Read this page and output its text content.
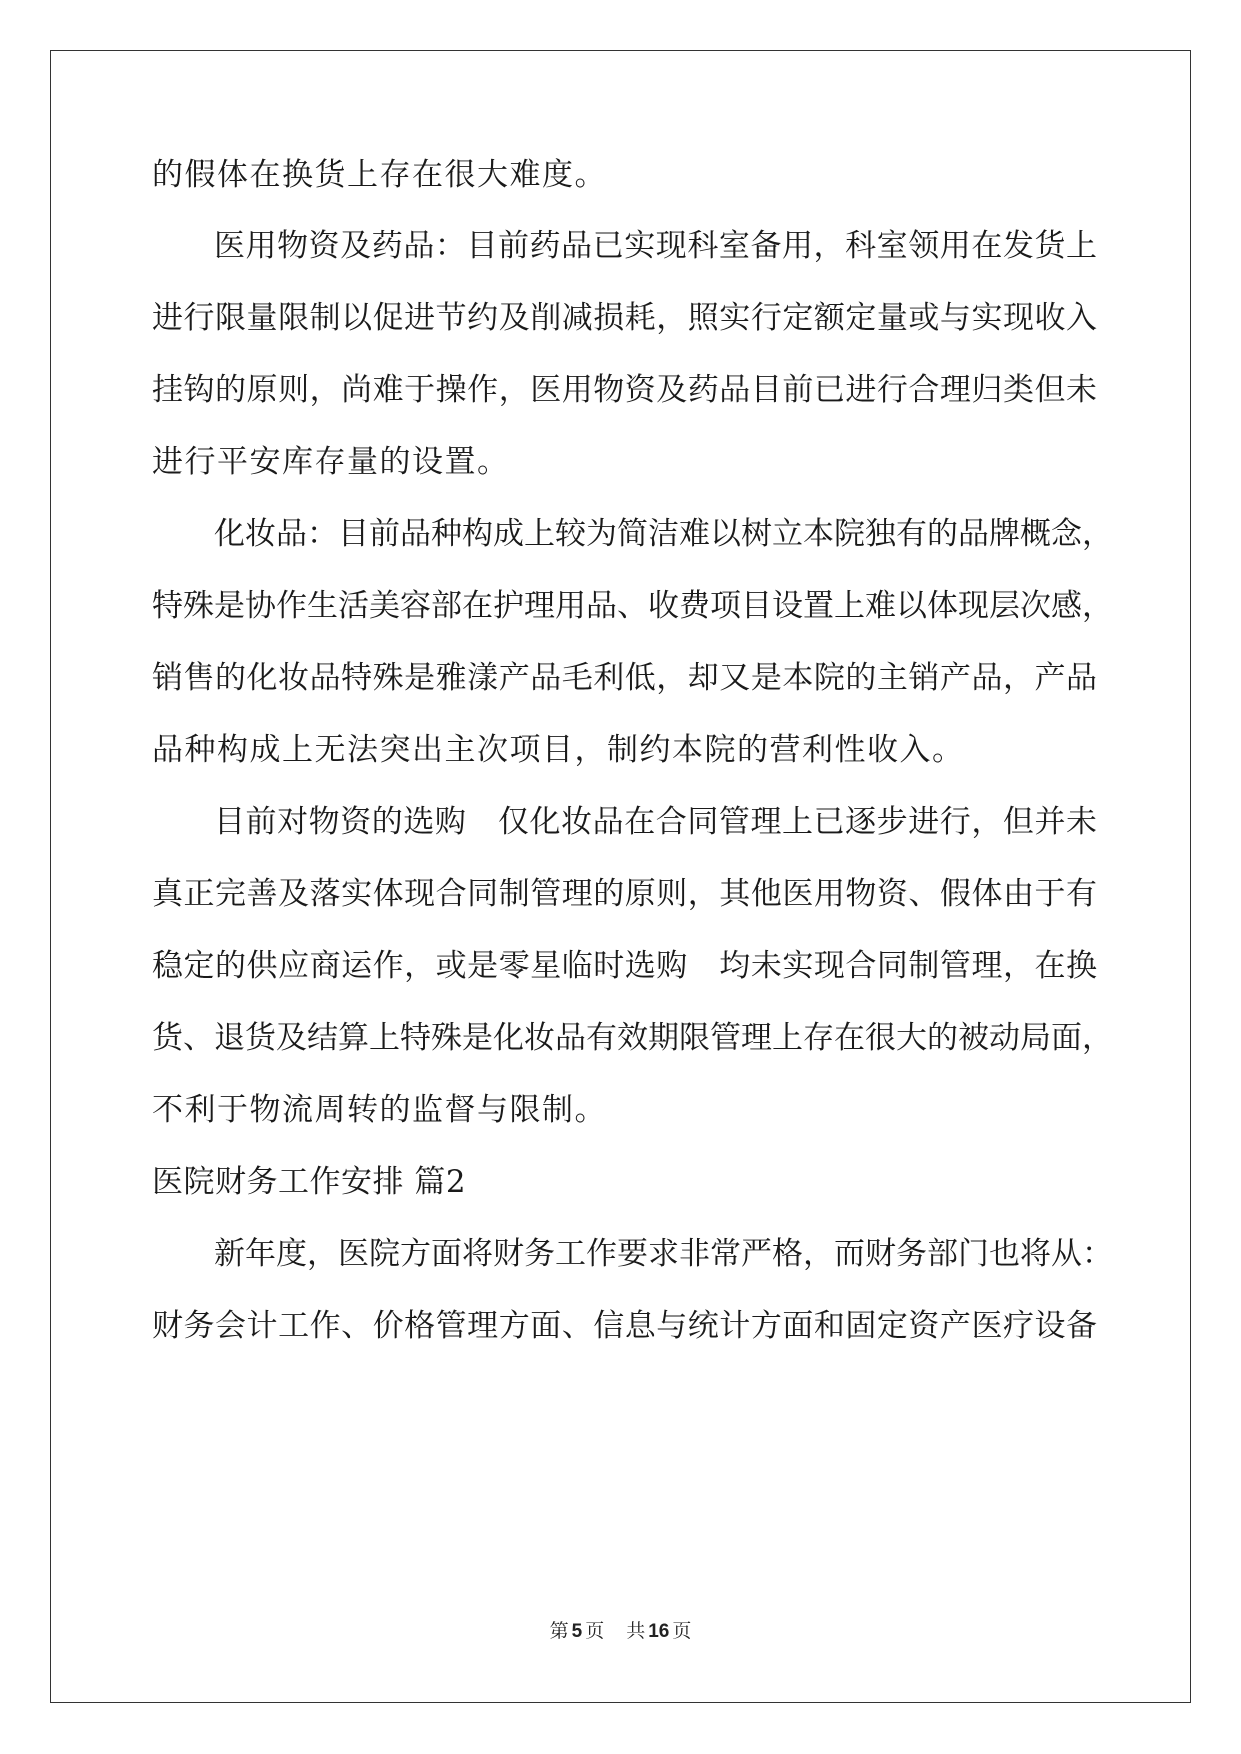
的假体在换货上存在很大难度。
医用物资及药品：目前药品已实现科室备用，科室领用在发货上
进行限量限制以促进节约及削减损耗，照实行定额定量或与实现收入
挂钩的原则，尚难于操作，医用物资及药品目前已进行合理归类但未
进行平安库存量的设置。
化妆品：目前品种构成上较为简洁难以树立本院独有的品牌概念，
特殊是协作生活美容部在护理用品、收费项目设置上难以体现层次感，
销售的化妆品特殊是雅漾产品毛利低，却又是本院的主销产品，产品
品种构成上无法突出主次项目，制约本院的营利性收入。
目前对物资的选购　仅化妆品在合同管理上已逐步进行，但并未
真正完善及落实体现合同制管理的原则，其他医用物资、假体由于有
稳定的供应商运作，或是零星临时选购　均未实现合同制管理，在换
货、退货及结算上特殊是化妆品有效期限管理上存在很大的被动局面，
不利于物流周转的监督与限制。
医院财务工作安排 篇2
新年度，医院方面将财务工作要求非常严格，而财务部门也将从：
财务会计工作、价格管理方面、信息与统计方面和固定资产医疗设备
第 5 页 共 16 页
